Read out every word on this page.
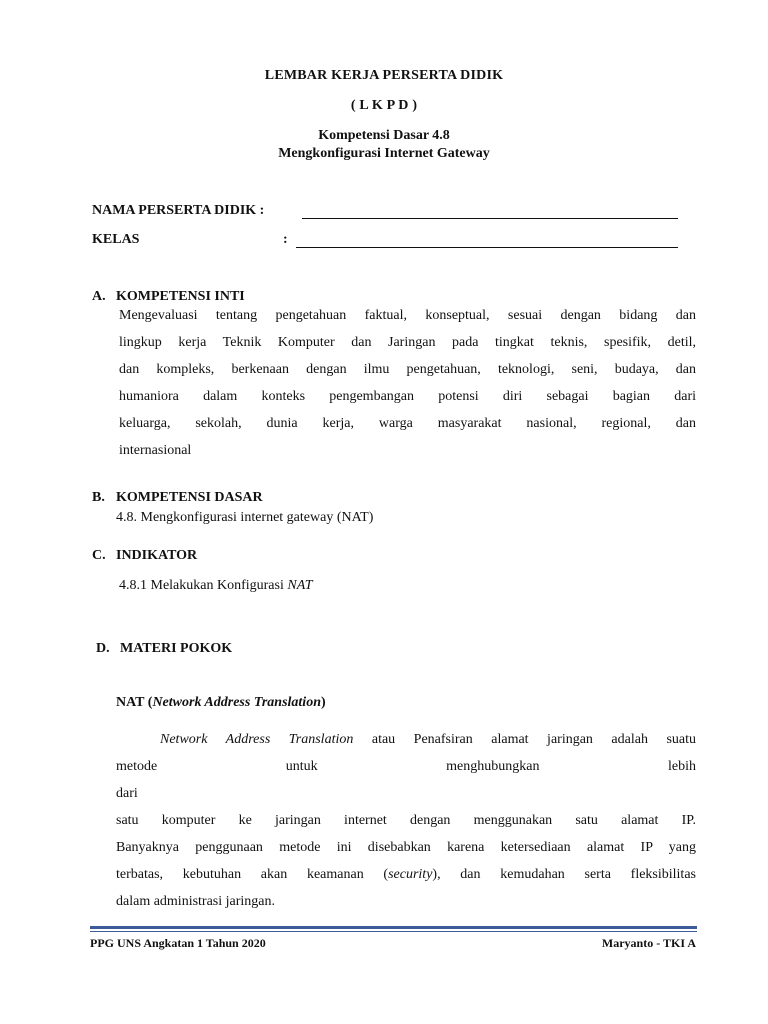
LEMBAR KERJA PERSERTA DIDIK
( L K P D )
Kompetensi Dasar 4.8
Mengkonfigurasi Internet Gateway
NAMA PERSERTA DIDIK :
KELAS	:
A. KOMPETENSI INTI
Mengevaluasi tentang pengetahuan faktual, konseptual, sesuai dengan bidang dan
lingkup kerja Teknik Komputer dan Jaringan pada tingkat teknis, spesifik, detil,
dan kompleks, berkenaan dengan ilmu pengetahuan, teknologi, seni, budaya, dan
humaniora dalam konteks pengembangan potensi diri sebagai bagian dari
keluarga, sekolah, dunia kerja, warga masyarakat nasional, regional, dan
internasional
B. KOMPETENSI DASAR
4.8. Mengkonfigurasi internet gateway (NAT)
C. INDIKATOR
4.8.1 Melakukan Konfigurasi NAT
D. MATERI POKOK
NAT (Network Address Translation)
Network Address Translation atau Penafsiran alamat jaringan adalah suatu
metode untuk menghubungkan lebih dari
satu komputer ke jaringan internet dengan menggunakan satu alamat IP.
Banyaknya penggunaan metode ini disebabkan karena ketersediaan alamat IP yang
terbatas, kebutuhan akan keamanan (security), dan kemudahan serta fleksibilitas
dalam administrasi jaringan.
PPG UNS Angkatan 1 Tahun 2020	Maryanto - TKI A
